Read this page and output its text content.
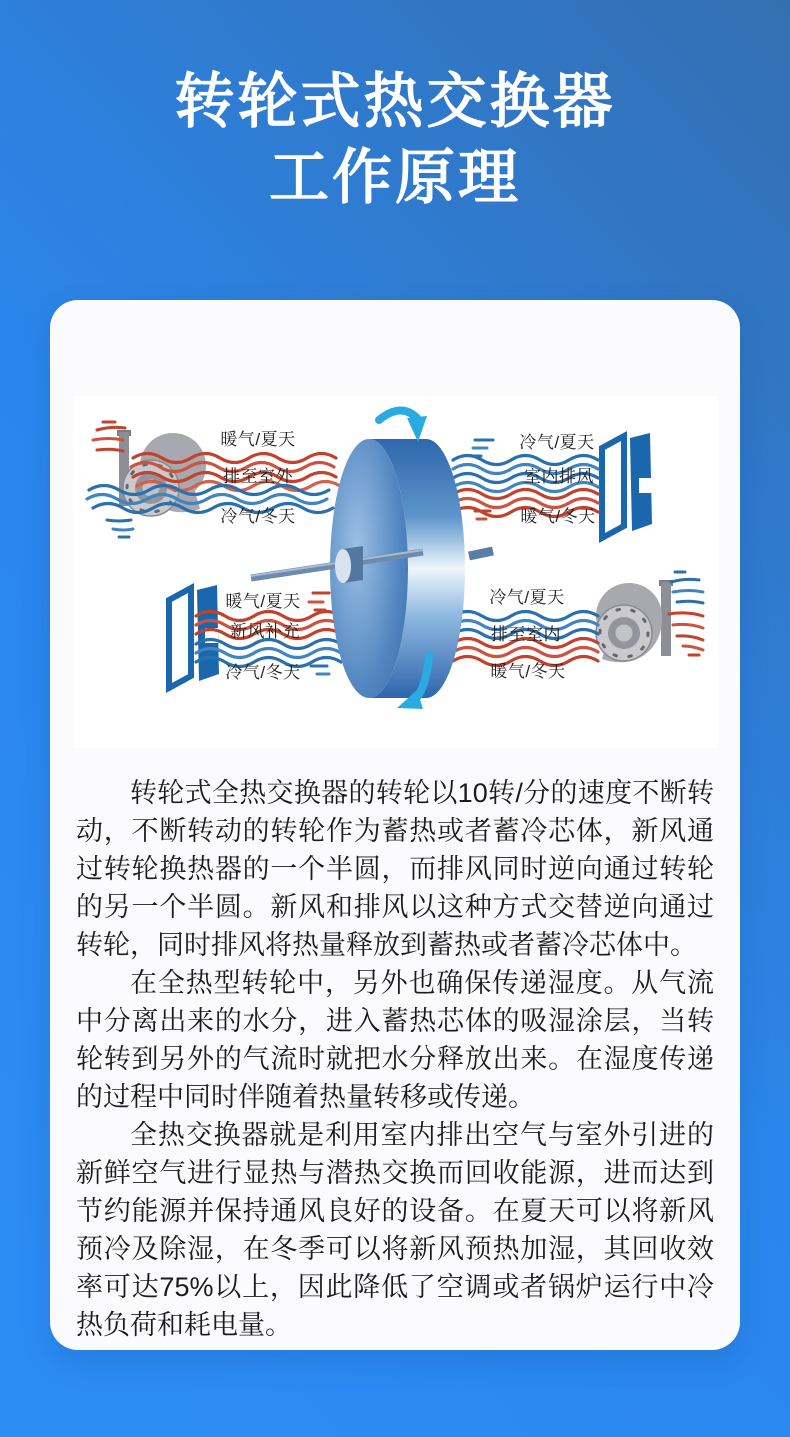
转轮式热交换器
工作原理
暖气/夏天
排至室外
冷气/冬天
冷气/夏天
室内排风
暖气/冬天
暖气/夏天
新风补充
冷气/冬天
冷气/夏天
排至室内
暖气/冬天

转轮式全热交换器的转轮以10转/分的速度不断转动，不断转动的转轮作为蓄热或者蓄冷芯体，新风通过转轮换热器的一个半圆，而排风同时逆向通过转轮的另一个半圆。新风和排风以这种方式交替逆向通过转轮，同时排风将热量释放到蓄热或者蓄冷芯体中。

在全热型转轮中，另外也确保传递湿度。从气流中分离出来的水分，进入蓄热芯体的吸湿涂层，当转轮转到另外的气流时就把水分释放出来。在湿度传递的过程中同时伴随着热量转移或传递。

全热交换器就是利用室内排出空气与室外引进的新鲜空气进行显热与潜热交换而回收能源，进而达到节约能源并保持通风良好的设备。在夏天可以将新风预冷及除湿，在冬季可以将新风预热加湿，其回收效率可达75%以上，因此降低了空调或者锅炉运行中冷热负荷和耗电量。
